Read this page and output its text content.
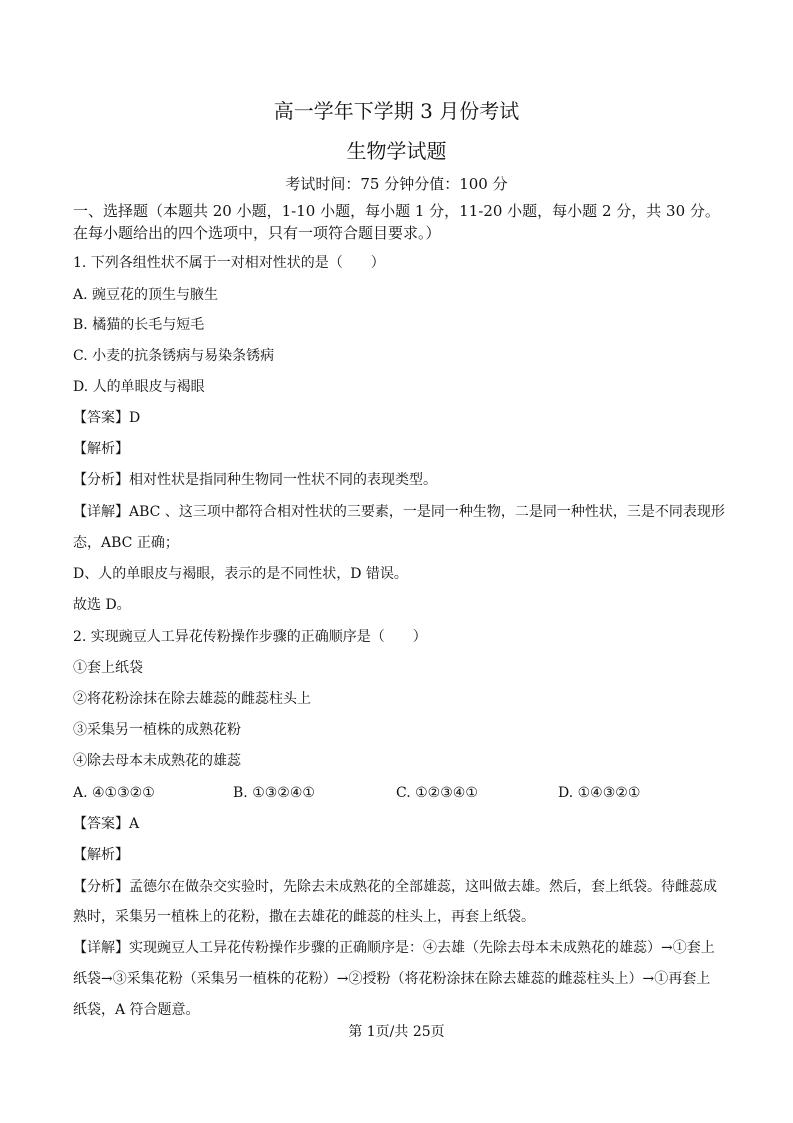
高一学年下学期 3 月份考试
生物学试题
考试时间：75 分钟分值：100 分
一、选择题（本题共 20 小题，1-10 小题，每小题 1 分，11-20 小题，每小题 2 分，共 30 分。
在每小题给出的四个选项中，只有一项符合题目要求。）
1. 下列各组性状不属于一对相对性状的是（　　）
A. 豌豆花的顶生与腋生
B. 橘猫的长毛与短毛
C. 小麦的抗条锈病与易染条锈病
D. 人的单眼皮与褐眼
【答案】D
【解析】
【分析】相对性状是指同种生物同一性状不同的表现类型。
【详解】ABC 、这三项中都符合相对性状的三要素，一是同一种生物，二是同一种性状，三是不同表现形
态，ABC 正确；
D、人的单眼皮与褐眼，表示的是不同性状，D 错误。
故选 D。
2. 实现豌豆人工异花传粉操作步骤的正确顺序是（　　）
①套上纸袋
②将花粉涂抹在除去雄蕊的雌蕊柱头上
③采集另一植株的成熟花粉
④除去母本未成熟花的雄蕊
A. ④①③②①	B. ①③②④①	C. ①②③④①	D. ①④③②①
【答案】A
【解析】
【分析】孟德尔在做杂交实验时，先除去未成熟花的全部雄蕊，这叫做去雄。然后，套上纸袋。待雌蕊成
熟时，采集另一植株上的花粉，撒在去雄花的雌蕊的柱头上，再套上纸袋。
【详解】实现豌豆人工异花传粉操作步骤的正确顺序是：④去雄（先除去母本未成熟花的雄蕊）→①套上
纸袋→③采集花粉（采集另一植株的花粉）→②授粉（将花粉涂抹在除去雄蕊的雌蕊柱头上）→①再套上
纸袋，A 符合题意。
第 1页/共 25页
